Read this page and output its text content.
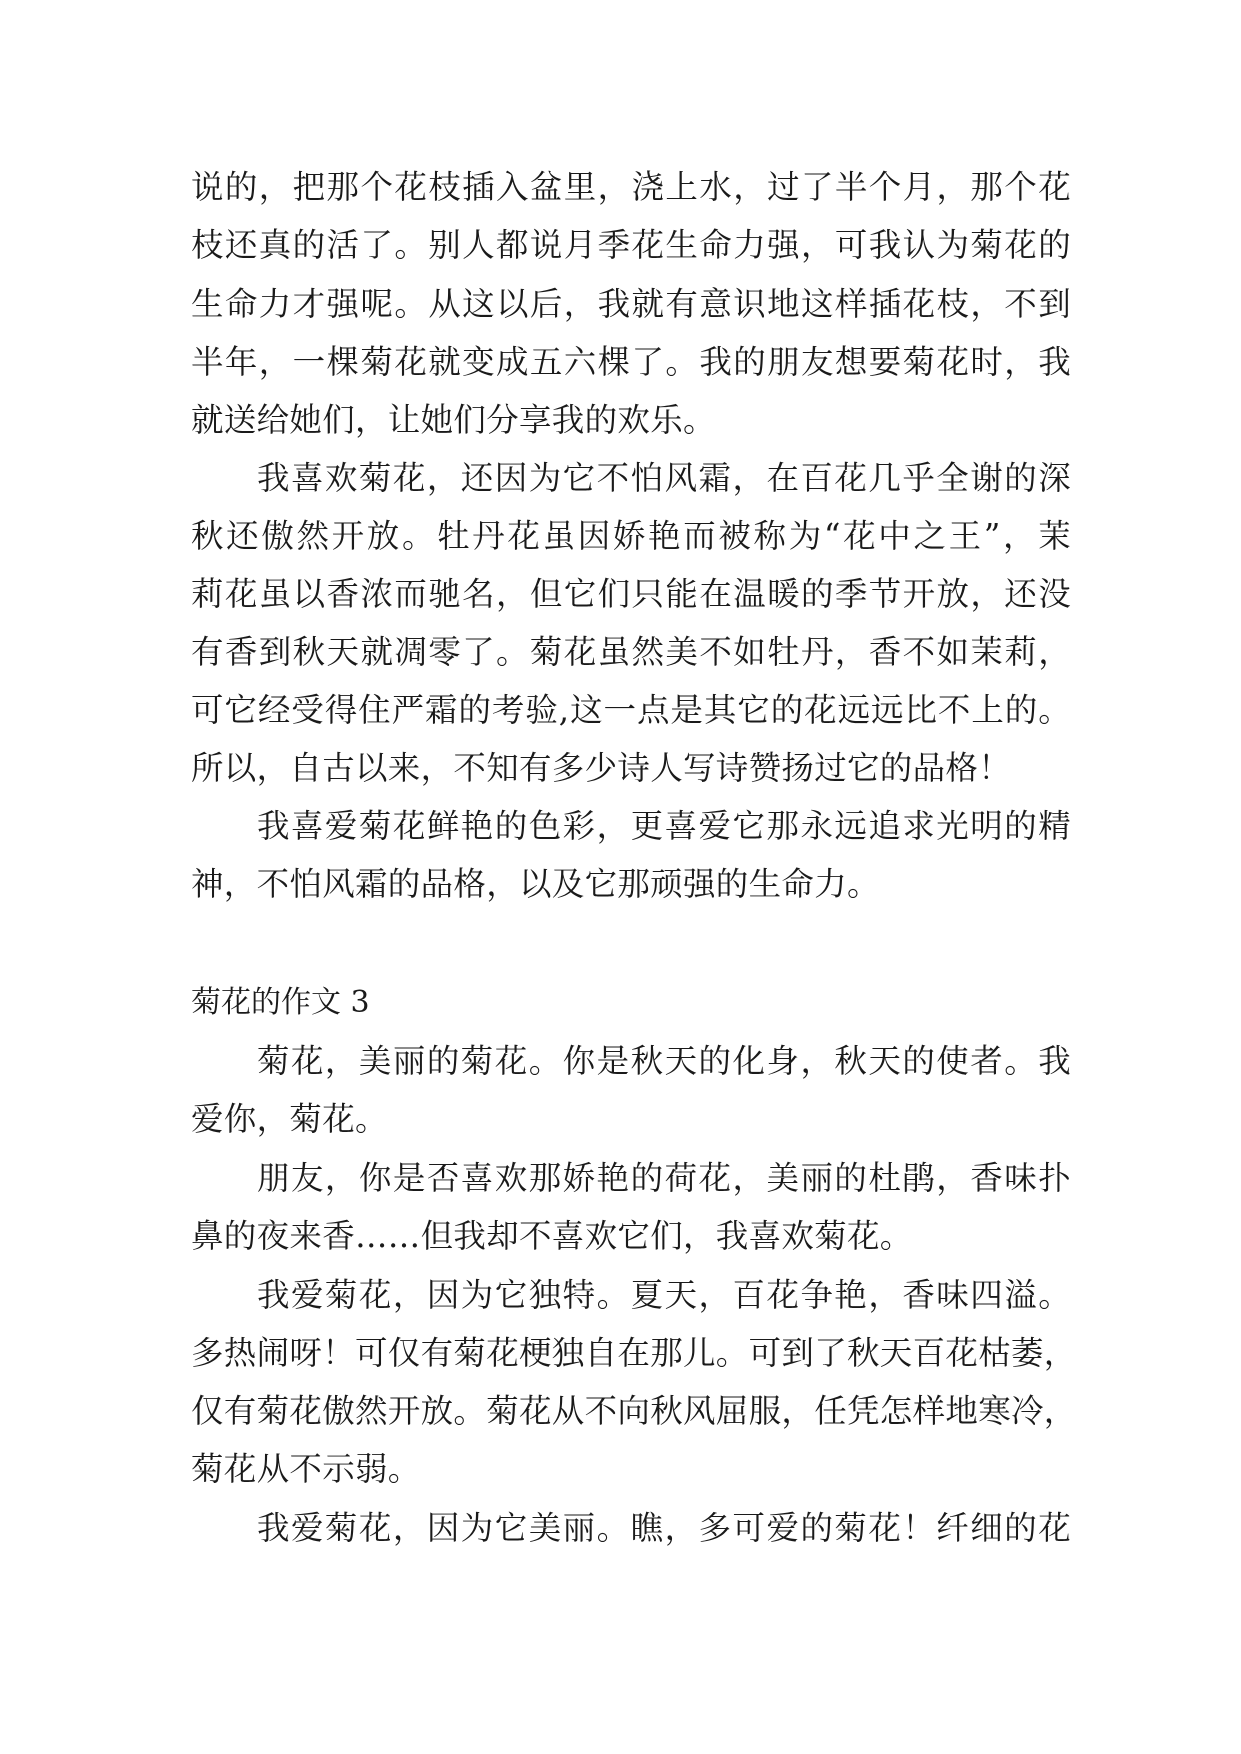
说的，把那个花枝插入盆里，浇上水，过了半个月，那个花
枝还真的活了。别人都说月季花生命力强，可我认为菊花的
生命力才强呢。从这以后，我就有意识地这样插花枝，不到
半年，一棵菊花就变成五六棵了。我的朋友想要菊花时，我
就送给她们，让她们分享我的欢乐。
我喜欢菊花，还因为它不怕风霜，在百花几乎全谢的深
秋还傲然开放。牡丹花虽因娇艳而被称为“花中之王”，茉
莉花虽以香浓而驰名，但它们只能在温暖的季节开放，还没
有香到秋天就凋零了。菊花虽然美不如牡丹，香不如茉莉，
可它经受得住严霜的考验,这一点是其它的花远远比不上的。
所以，自古以来，不知有多少诗人写诗赞扬过它的品格！
我喜爱菊花鲜艳的色彩，更喜爱它那永远追求光明的精
神，不怕风霜的品格，以及它那顽强的生命力。
菊花的作文 3
菊花，美丽的菊花。你是秋天的化身，秋天的使者。我
爱你，菊花。
朋友，你是否喜欢那娇艳的荷花，美丽的杜鹃，香味扑
鼻的夜来香……但我却不喜欢它们，我喜欢菊花。
我爱菊花，因为它独特。夏天，百花争艳，香味四溢。
多热闹呀！可仅有菊花梗独自在那儿。可到了秋天百花枯萎，
仅有菊花傲然开放。菊花从不向秋风屈服，任凭怎样地寒冷，
菊花从不示弱。
我爱菊花，因为它美丽。瞧，多可爱的菊花！纤细的花
